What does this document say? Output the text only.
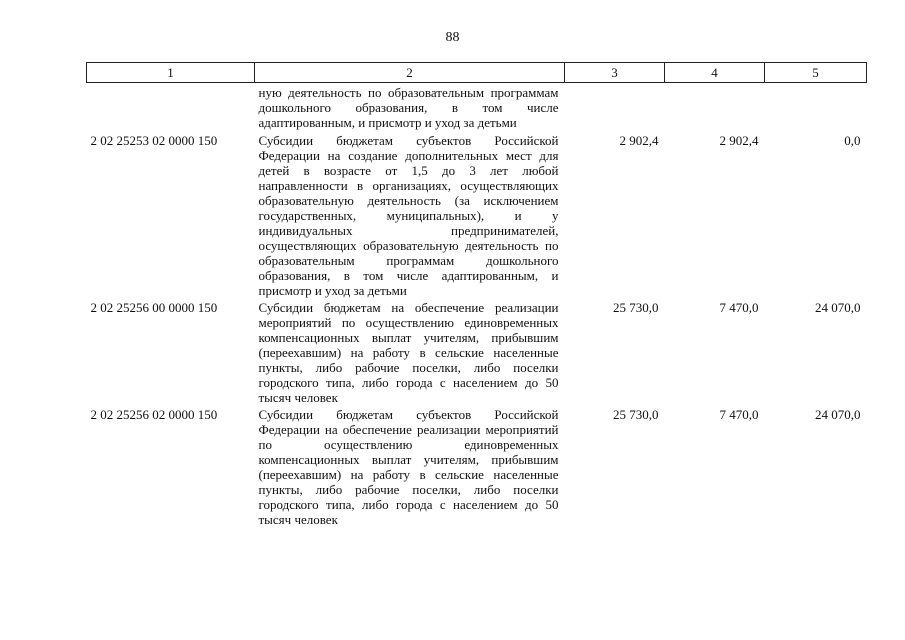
88
1	2	3	4	5
	ную деятельность по образовательным программам дошкольного образования, в том числе адаптированным, и присмотр и уход за детьми			
2 02 25253 02 0000 150	Субсидии бюджетам субъектов Российской Федерации на создание дополнительных мест для детей в возрасте от 1,5 до 3 лет любой направленности в организациях, осуществляющих образовательную деятельность (за исключением государственных, муниципальных), и у индивидуальных предпринимателей, осуществляющих образовательную деятельность по образовательным программам дошкольного образования, в том числе адаптированным, и присмотр и уход за детьми	2 902,4	2 902,4	0,0
2 02 25256 00 0000 150	Субсидии бюджетам на обеспечение реализации мероприятий по осуществлению единовременных компенсационных выплат учителям, прибывшим (переехавшим) на работу в сельские населенные пункты, либо рабочие поселки, либо поселки городского типа, либо города с населением до 50 тысяч человек	25 730,0	7 470,0	24 070,0
2 02 25256 02 0000 150	Субсидии бюджетам субъектов Российской Федерации на обеспечение реализации мероприятий по осуществлению единовременных компенсационных выплат учителям, прибывшим (переехавшим) на работу в сельские населенные пункты, либо рабочие поселки, либо поселки городского типа, либо города с населением до 50 тысяч человек	25 730,0	7 470,0	24 070,0
